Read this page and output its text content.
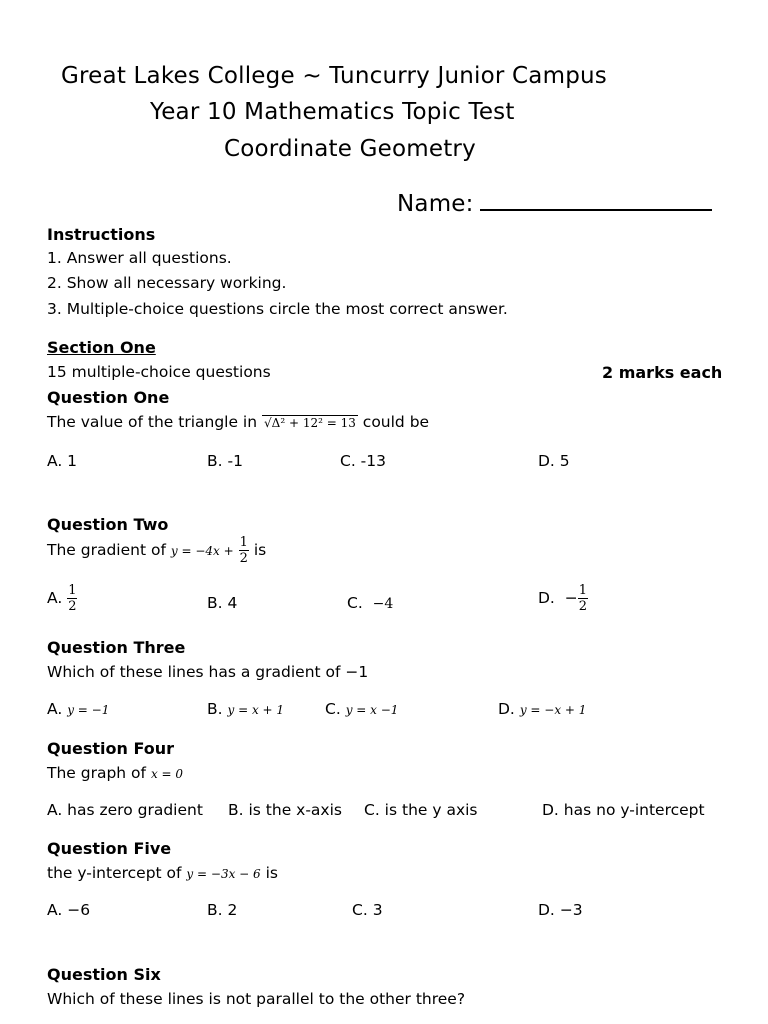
Great Lakes College ~ Tuncurry Junior Campus
Year 10 Mathematics Topic Test
Coordinate Geometry
Name:
Instructions
1. Answer all questions.
2. Show all necessary working.
3. Multiple-choice questions circle the most correct answer.
Section One
15 multiple-choice questions	2 marks each
Question One
The value of the triangle in √Δ² + 12² = 13 could be
A. 1	B. -1	C. -13	D. 5
Question Two
The gradient of $y = -4x + \frac{1}{2}$ is
A. $\frac{1}{2}$	B. 4	C. −4	D. − $\frac{1}{2}$
Question Three
Which of these lines has a gradient of −1
A. y = −1	B. y = x + 1	C. y = x −1	D. y = −x + 1
Question Four
The graph of x = 0
A. has zero gradient B. is the x-axis C. is the y axis	D. has no y-intercept
Question Five
the y-intercept of y = −3x − 6 is
A. −6	B. 2	C. 3	D. −3
Question Six
Which of these lines is not parallel to the other three?
